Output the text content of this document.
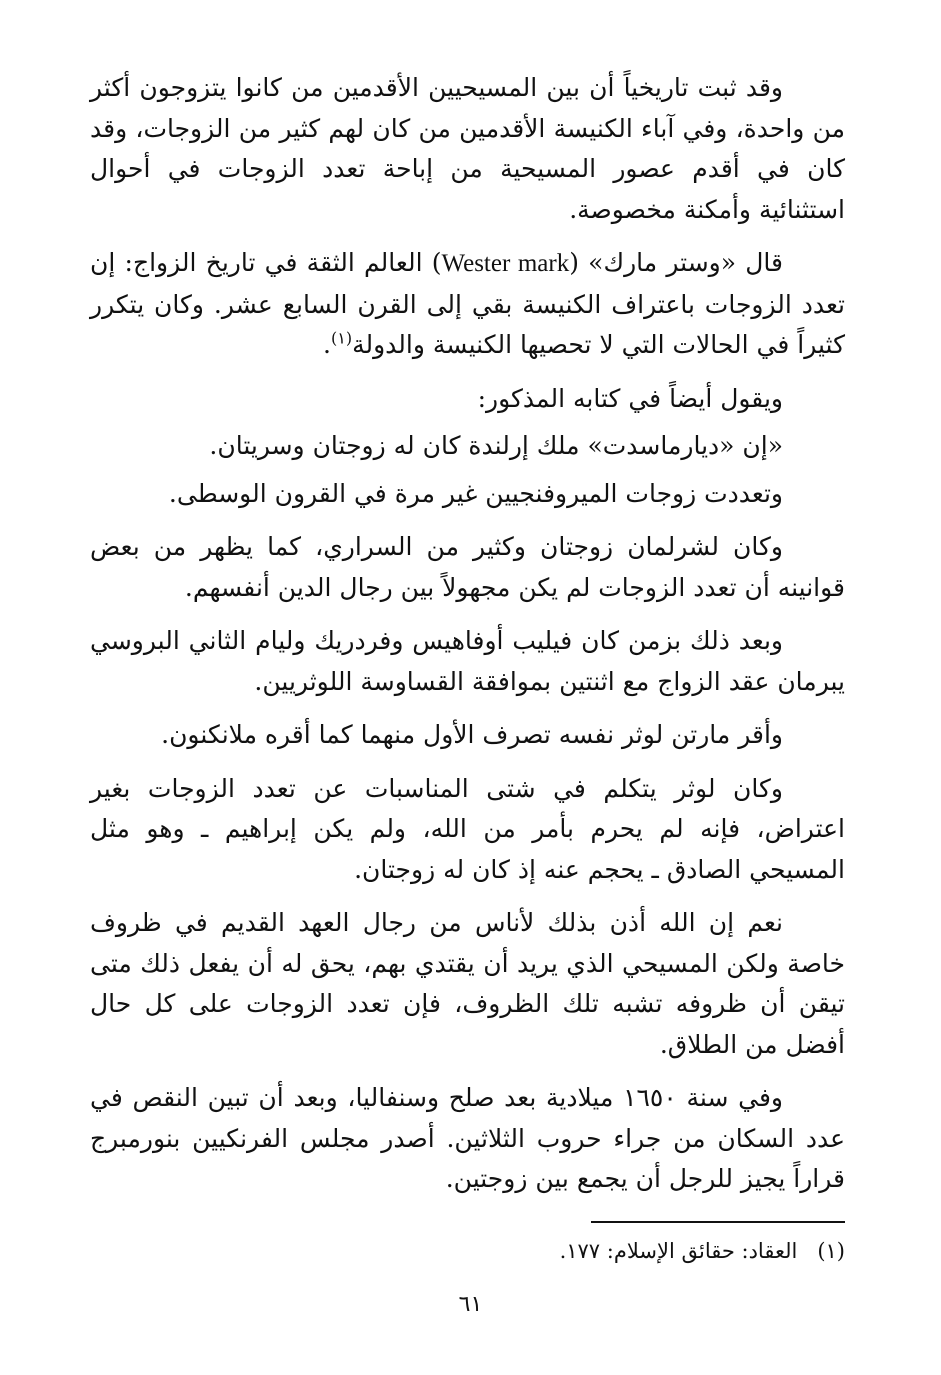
وقد ثبت تاريخياً أن بين المسيحيين الأقدمين من كانوا يتزوجون أكثر من واحدة، وفي آباء الكنيسة الأقدمين من كان لهم كثير من الزوجات، وقد كان في أقدم عصور المسيحية من إباحة تعدد الزوجات في أحوال استثنائية وأمكنة مخصوصة.

قال «وستر مارك» (Wester mark) العالم الثقة في تاريخ الزواج: إن تعدد الزوجات باعتراف الكنيسة بقي إلى القرن السابع عشر. وكان يتكرر كثيراً في الحالات التي لا تحصيها الكنيسة والدولة$^{(١)}$.

ويقول أيضاً في كتابه المذكور:

«إن «ديارماسدت» ملك إرلندة كان له زوجتان وسريتان.

وتعددت زوجات الميروفنجيين غير مرة في القرون الوسطى.

وكان لشرلمان زوجتان وكثير من السراري، كما يظهر من بعض قوانينه أن تعدد الزوجات لم يكن مجهولاً بين رجال الدين أنفسهم.

وبعد ذلك بزمن كان فيليب أوفاهيس وفردريك وليام الثاني البروسي يبرمان عقد الزواج مع اثنتين بموافقة القساوسة اللوثريين.

وأقر مارتن لوثر نفسه تصرف الأول منهما كما أقره ملانكنون.

وكان لوثر يتكلم في شتى المناسبات عن تعدد الزوجات بغير اعتراض، فإنه لم يحرم بأمر من الله، ولم يكن إبراهيم ـ وهو مثل المسيحي الصادق ـ يحجم عنه إذ كان له زوجتان.

نعم إن الله أذن بذلك لأناس من رجال العهد القديم في ظروف خاصة ولكن المسيحي الذي يريد أن يقتدي بهم، يحق له أن يفعل ذلك متى تيقن أن ظروفه تشبه تلك الظروف، فإن تعدد الزوجات على كل حال أفضل من الطلاق.

وفي سنة ١٦٥٠ ميلادية بعد صلح وسنفاليا، وبعد أن تبين النقص في عدد السكان من جراء حروب الثلاثين. أصدر مجلس الفرنكيين بنورمبرج قراراً يجيز للرجل أن يجمع بين زوجتين.

(١)العقاد: حقائق الإسلام: ١٧٧.
٦١
